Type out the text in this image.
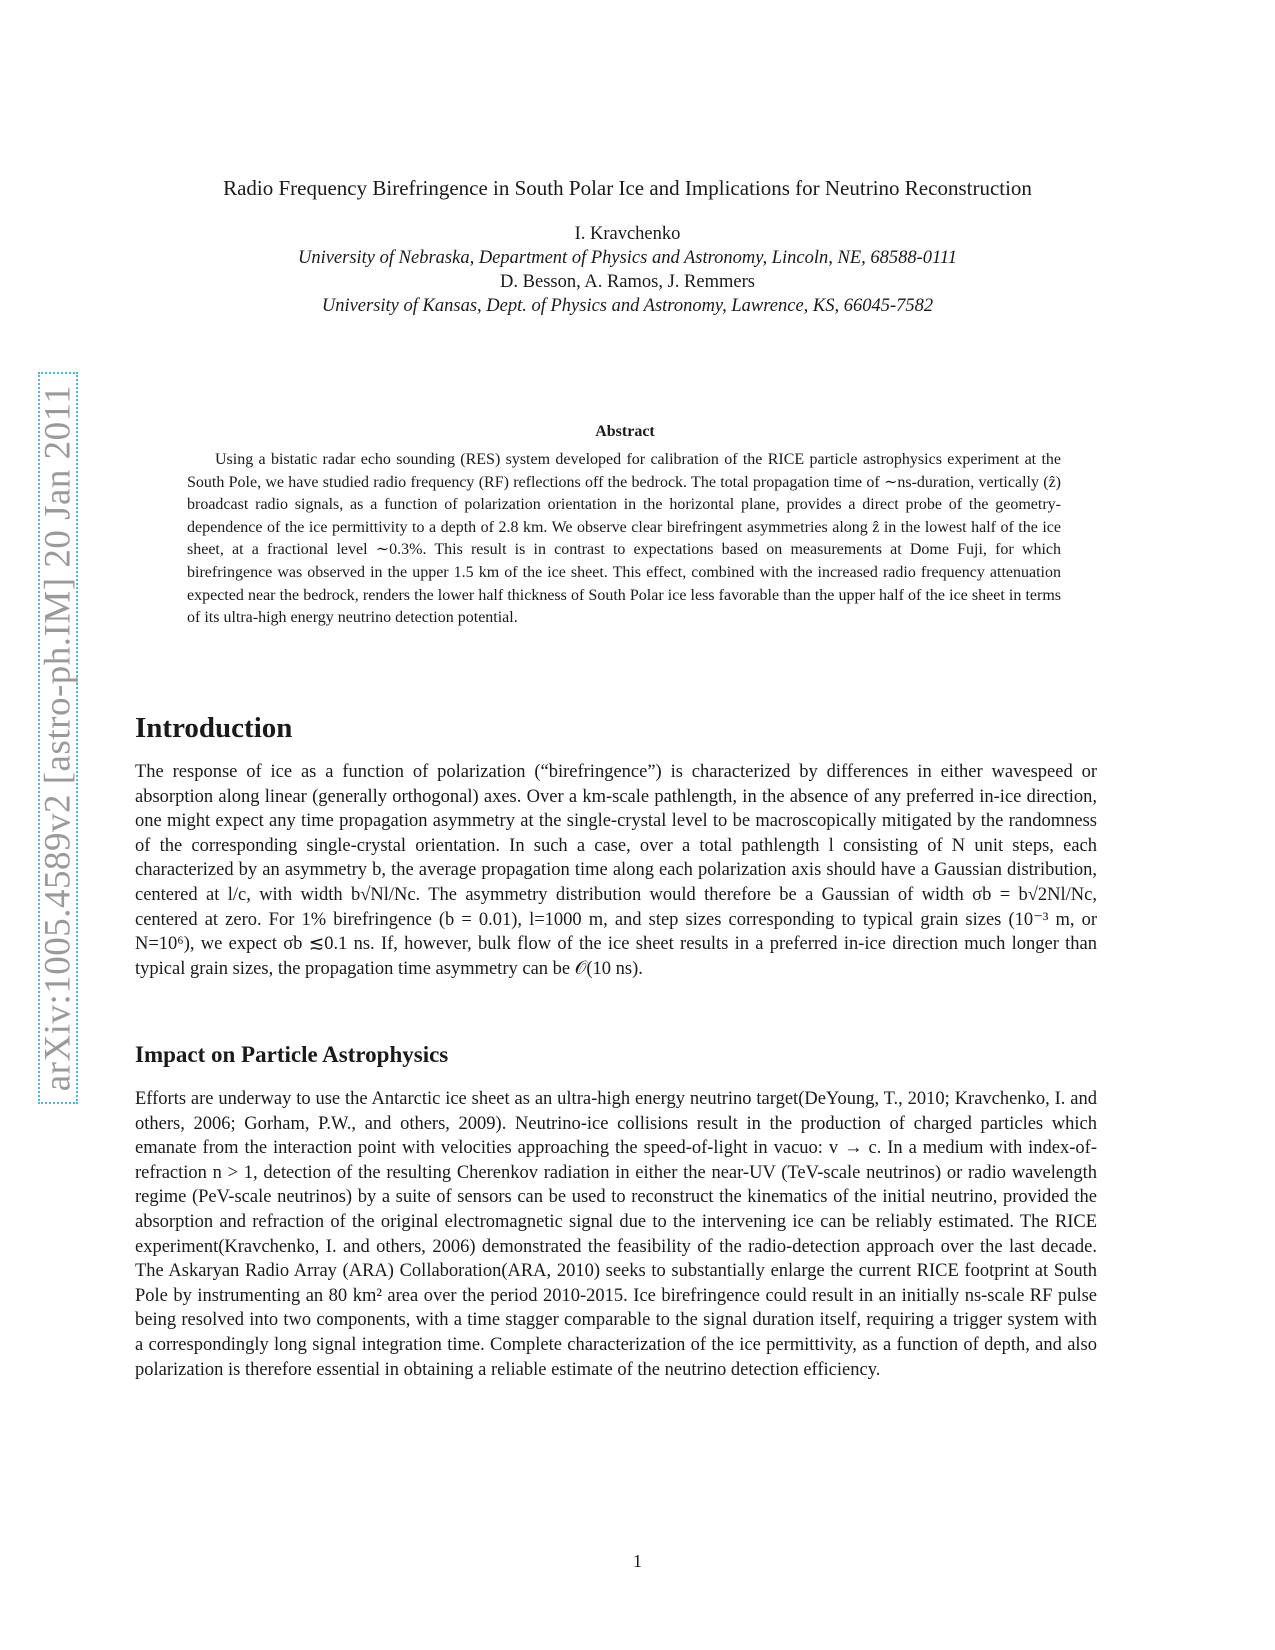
arXiv:1005.4589v2 [astro-ph.IM] 20 Jan 2011
Radio Frequency Birefringence in South Polar Ice and Implications for Neutrino Reconstruction
I. Kravchenko
University of Nebraska, Department of Physics and Astronomy, Lincoln, NE, 68588-0111
D. Besson, A. Ramos, J. Remmers
University of Kansas, Dept. of Physics and Astronomy, Lawrence, KS, 66045-7582
Abstract

Using a bistatic radar echo sounding (RES) system developed for calibration of the RICE particle astrophysics experiment at the South Pole, we have studied radio frequency (RF) reflections off the bedrock. The total propagation time of ∼ns-duration, vertically (ẑ) broadcast radio signals, as a function of polarization orientation in the horizontal plane, provides a direct probe of the geometry-dependence of the ice permittivity to a depth of 2.8 km. We observe clear birefringent asymmetries along ẑ in the lowest half of the ice sheet, at a fractional level ∼0.3%. This result is in contrast to expectations based on measurements at Dome Fuji, for which birefringence was observed in the upper 1.5 km of the ice sheet. This effect, combined with the increased radio frequency attenuation expected near the bedrock, renders the lower half thickness of South Polar ice less favorable than the upper half of the ice sheet in terms of its ultra-high energy neutrino detection potential.

Introduction

The response of ice as a function of polarization (“birefringence”) is characterized by differences in either wavespeed or absorption along linear (generally orthogonal) axes. Over a km-scale pathlength, in the absence of any preferred in-ice direction, one might expect any time propagation asymmetry at the single-crystal level to be macroscopically mitigated by the randomness of the corresponding single-crystal orientation. In such a case, over a total pathlength l consisting of N unit steps, each characterized by an asymmetry b, the average propagation time along each polarization axis should have a Gaussian distribution, centered at l/c, with width b√Nl/Nc. The asymmetry distribution would therefore be a Gaussian of width σb = b√2Nl/Nc, centered at zero. For 1% birefringence (b = 0.01), l=1000 m, and step sizes corresponding to typical grain sizes (10⁻³ m, or N=10⁶), we expect σb ≲0.1 ns. If, however, bulk flow of the ice sheet results in a preferred in-ice direction much longer than typical grain sizes, the propagation time asymmetry can be 𝒪(10 ns).

Impact on Particle Astrophysics

Efforts are underway to use the Antarctic ice sheet as an ultra-high energy neutrino target(DeYoung, T., 2010; Kravchenko, I. and others, 2006; Gorham, P.W., and others, 2009). Neutrino-ice collisions result in the production of charged particles which emanate from the interaction point with velocities approaching the speed-of-light in vacuo: v → c. In a medium with index-of-refraction n > 1, detection of the resulting Cherenkov radiation in either the near-UV (TeV-scale neutrinos) or radio wavelength regime (PeV-scale neutrinos) by a suite of sensors can be used to reconstruct the kinematics of the initial neutrino, provided the absorption and refraction of the original electromagnetic signal due to the intervening ice can be reliably estimated. The RICE experiment(Kravchenko, I. and others, 2006) demonstrated the feasibility of the radio-detection approach over the last decade. The Askaryan Radio Array (ARA) Collaboration(ARA, 2010) seeks to substantially enlarge the current RICE footprint at South Pole by instrumenting an 80 km² area over the period 2010-2015. Ice birefringence could result in an initially ns-scale RF pulse being resolved into two components, with a time stagger comparable to the signal duration itself, requiring a trigger system with a correspondingly long signal integration time. Complete characterization of the ice permittivity, as a function of depth, and also polarization is therefore essential in obtaining a reliable estimate of the neutrino detection efficiency.

1
